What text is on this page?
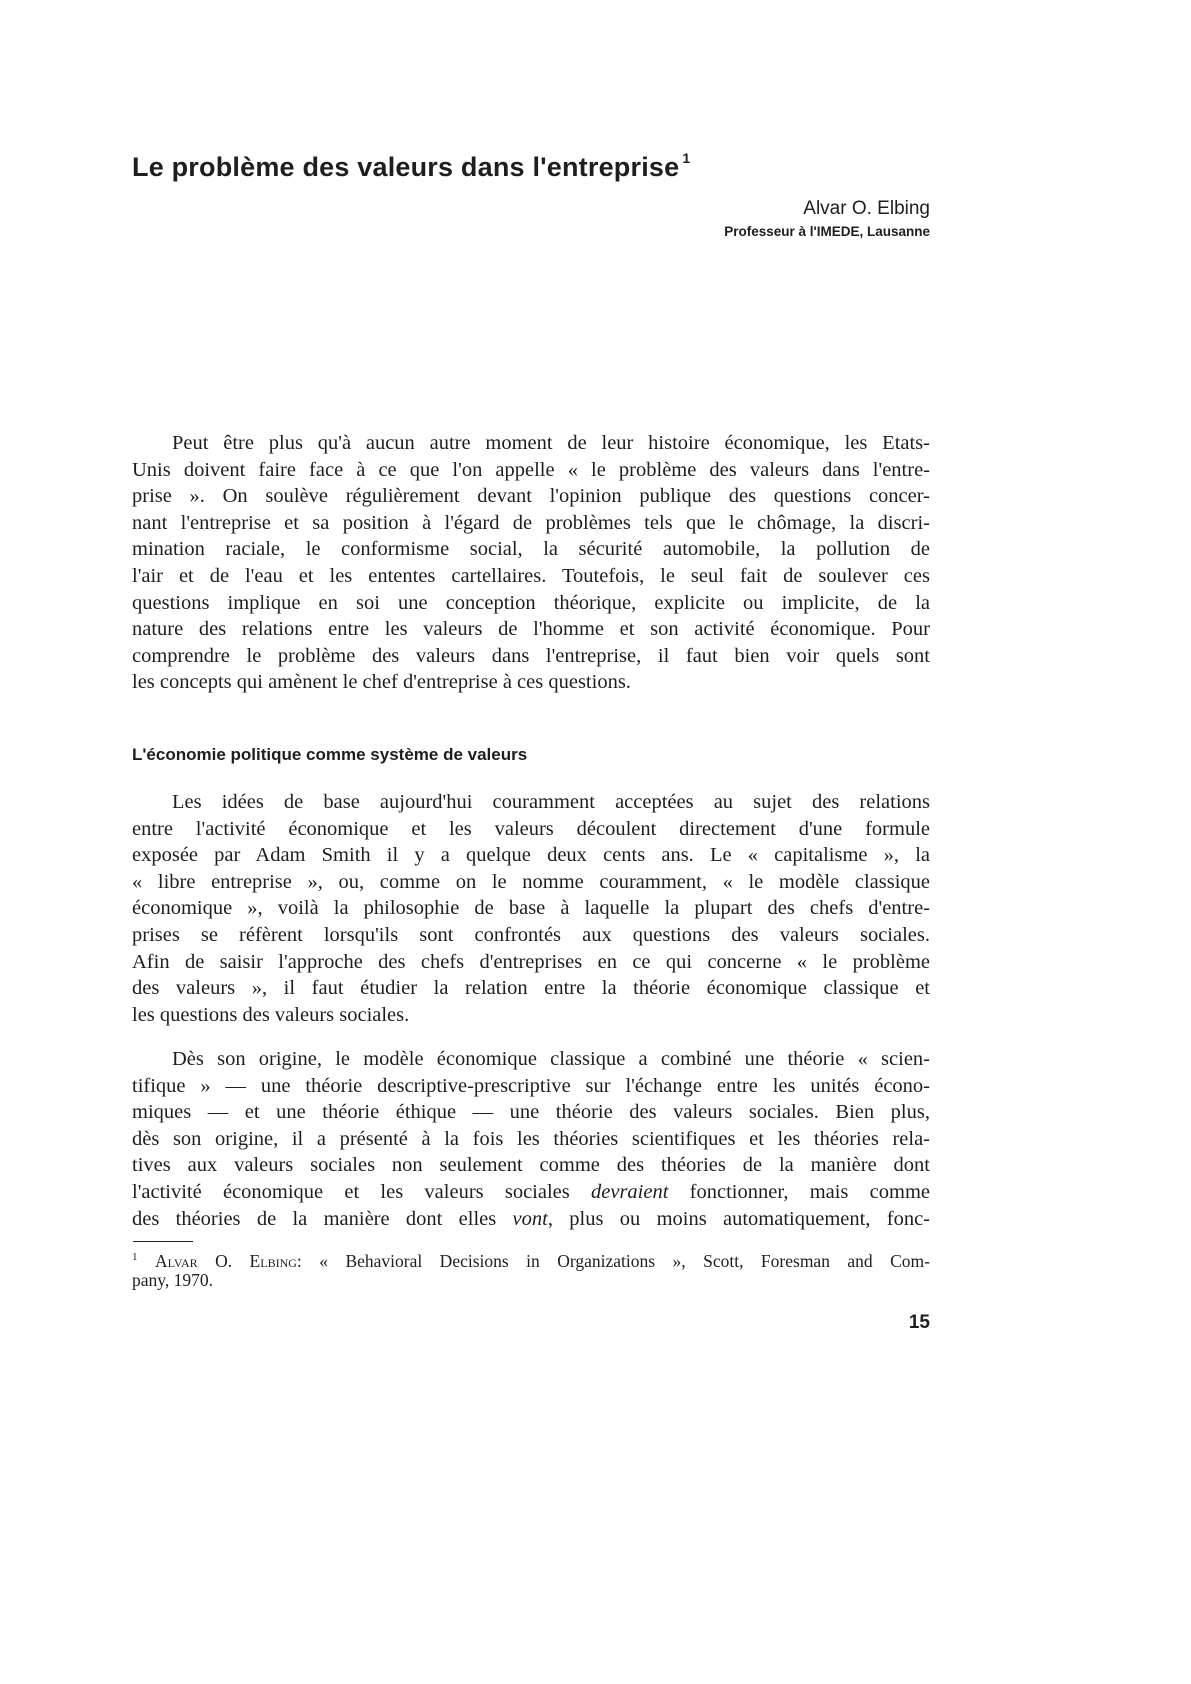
Le problème des valeurs dans l'entreprise $^1$
Alvar O. Elbing
Professeur à l'IMEDE, Lausanne
Peut être plus qu'à aucun autre moment de leur histoire économique, les Etats-
Unis doivent faire face à ce que l'on appelle « le problème des valeurs dans l'entre-
prise ». On soulève régulièrement devant l'opinion publique des questions concer-
nant l'entreprise et sa position à l'égard de problèmes tels que le chômage, la discri-
mination raciale, le conformisme social, la sécurité automobile, la pollution de
l'air et de l'eau et les ententes cartellaires. Toutefois, le seul fait de soulever ces
questions implique en soi une conception théorique, explicite ou implicite, de la
nature des relations entre les valeurs de l'homme et son activité économique. Pour
comprendre le problème des valeurs dans l'entreprise, il faut bien voir quels sont
les concepts qui amènent le chef d'entreprise à ces questions.
L'économie politique comme système de valeurs
Les idées de base aujourd'hui couramment acceptées au sujet des relations
entre l'activité économique et les valeurs découlent directement d'une formule
exposée par Adam Smith il y a quelque deux cents ans. Le « capitalisme », la
« libre entreprise », ou, comme on le nomme couramment, « le modèle classique
économique », voilà la philosophie de base à laquelle la plupart des chefs d'entre-
prises se réfèrent lorsqu'ils sont confrontés aux questions des valeurs sociales.
Afin de saisir l'approche des chefs d'entreprises en ce qui concerne « le problème
des valeurs », il faut étudier la relation entre la théorie économique classique et
les questions des valeurs sociales.
Dès son origine, le modèle économique classique a combiné une théorie « scien-
tifique » — une théorie descriptive-prescriptive sur l'échange entre les unités écono-
miques — et une théorie éthique — une théorie des valeurs sociales. Bien plus,
dès son origine, il a présenté à la fois les théories scientifiques et les théories rela-
tives aux valeurs sociales non seulement comme des théories de la manière dont
l'activité économique et les valeurs sociales devraient fonctionner, mais comme
des théories de la manière dont elles vont, plus ou moins automatiquement, fonc-
$^1$ Alvar O. Elbing: « Behavioral Decisions in Organizations », Scott, Foresman and Com-
pany, 1970.
15
